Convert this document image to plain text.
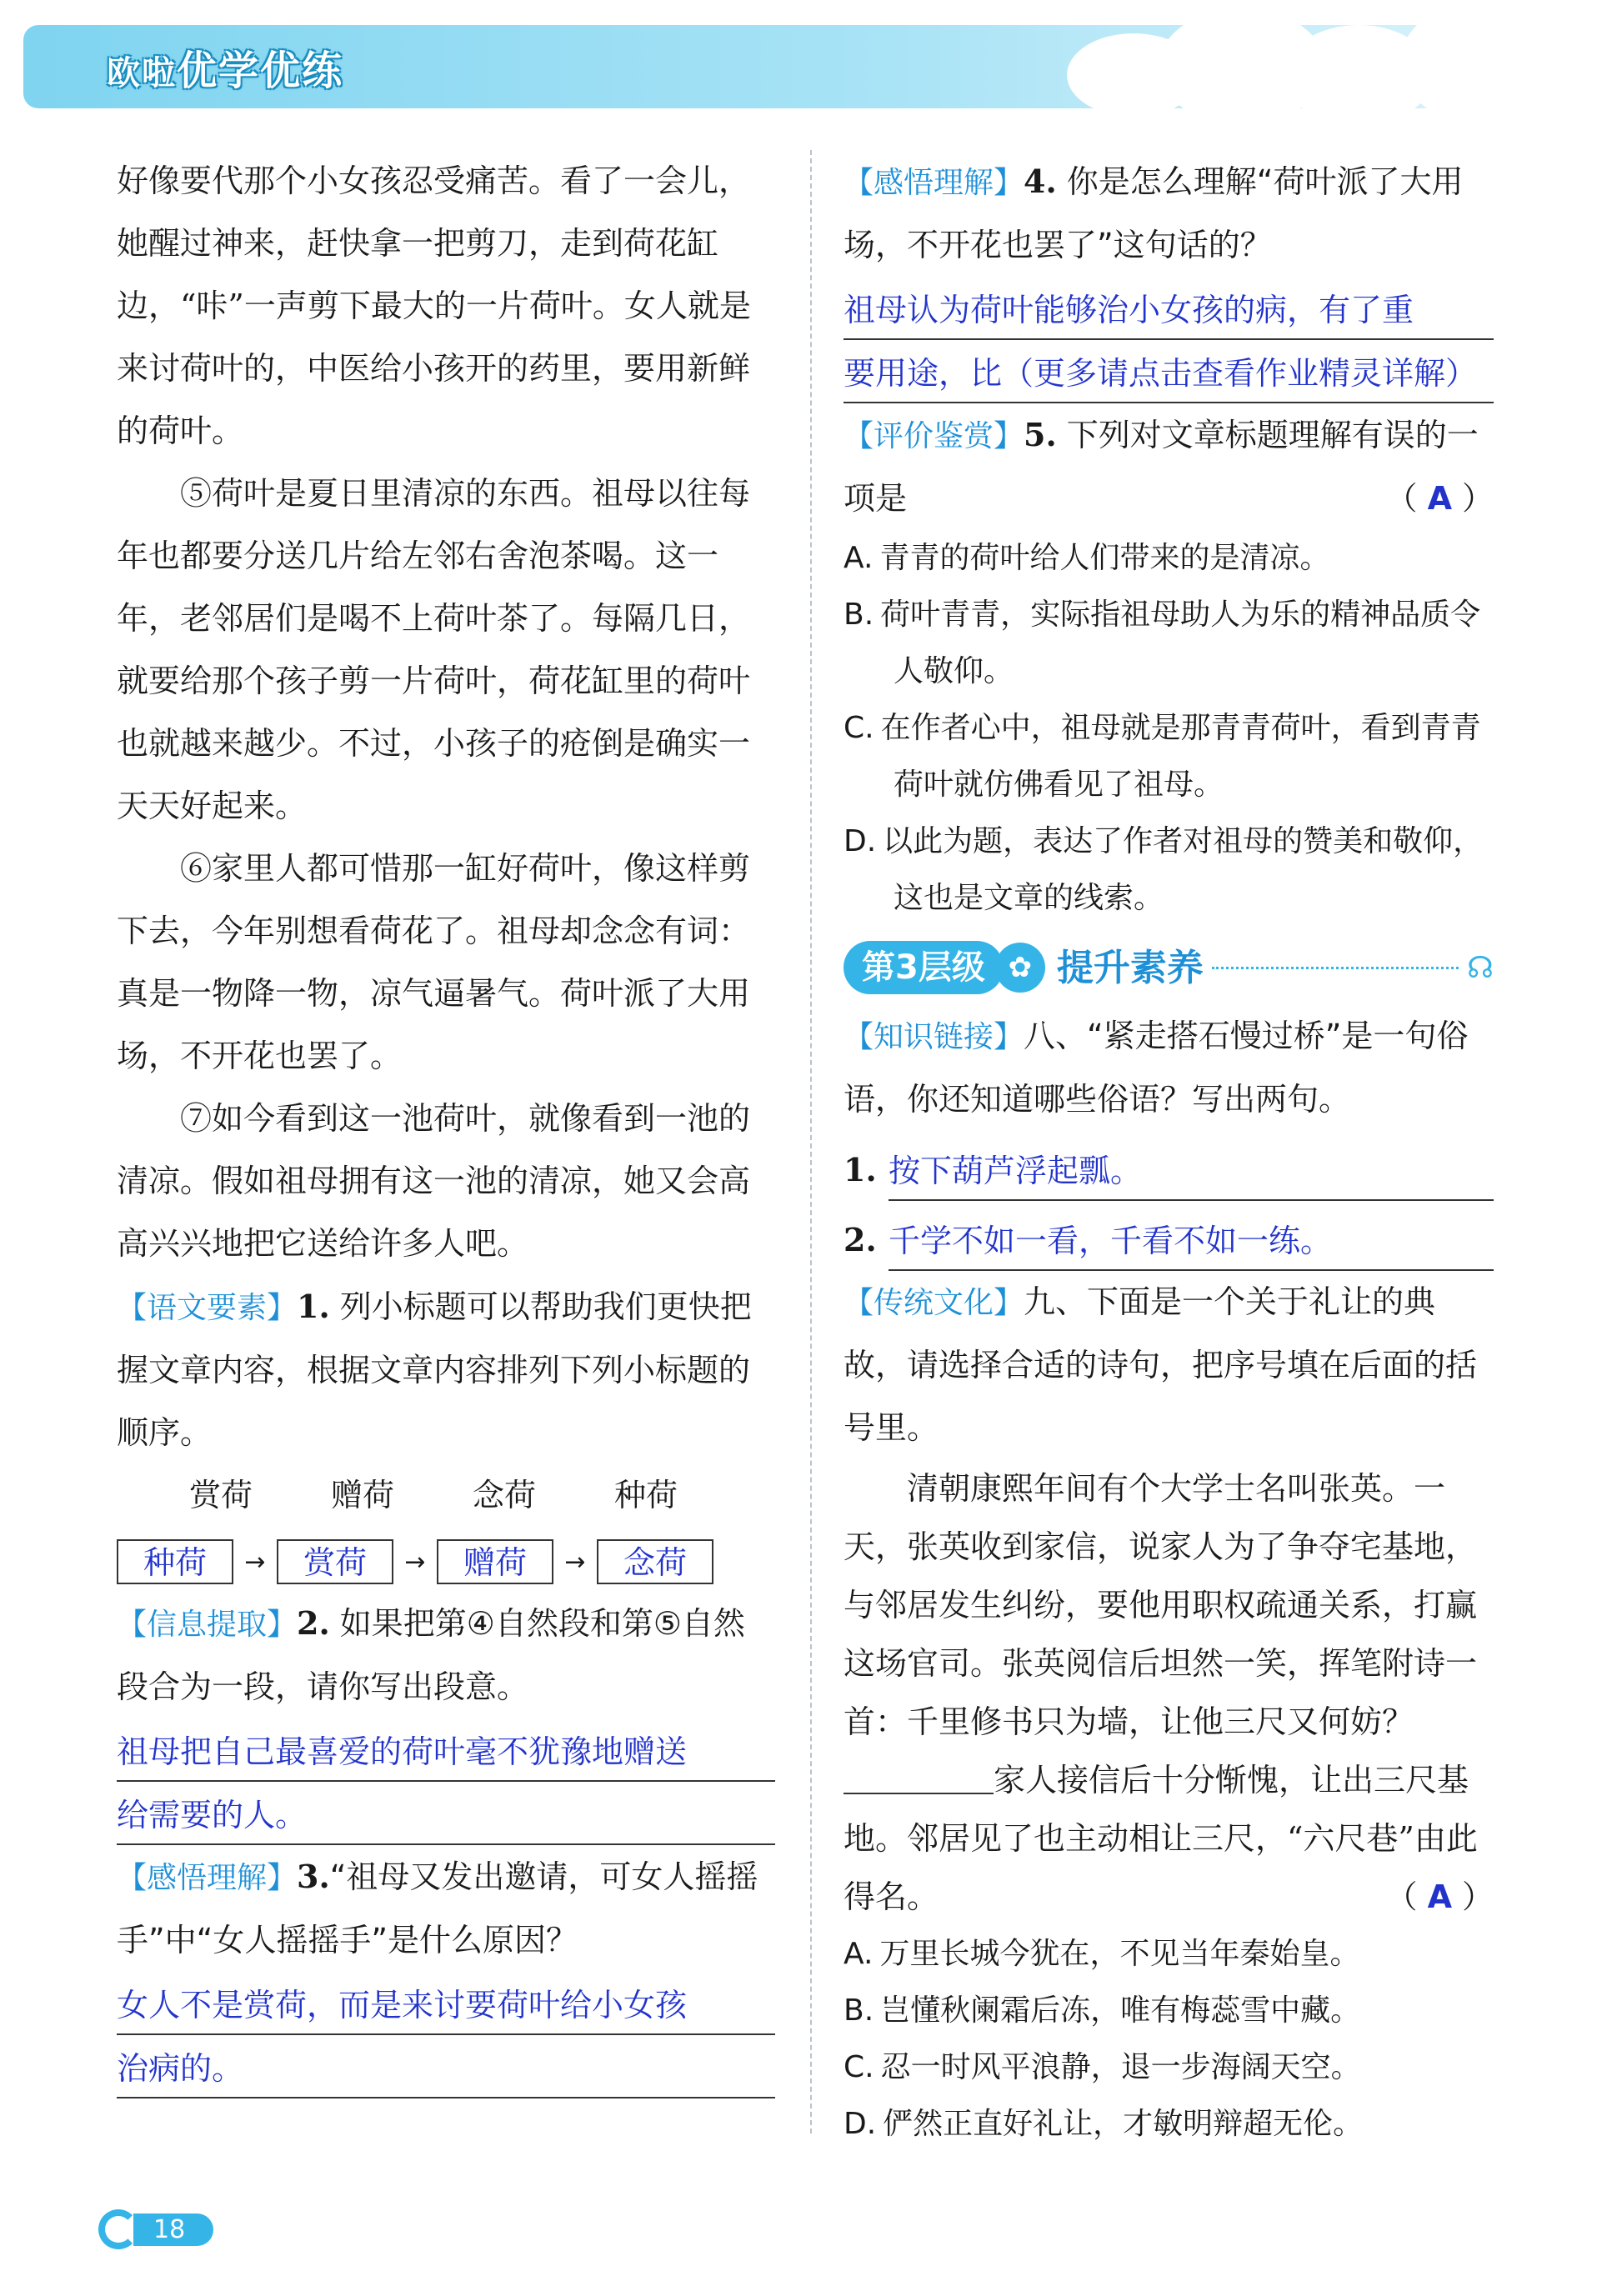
欧啦优学优练

好像要代那个小女孩忍受痛苦。看了一会儿，她醒过神来，赶快拿一把剪刀，走到荷花缸边，“咔”一声剪下最大的一片荷叶。女人就是来讨荷叶的，中医给小孩开的药里，要用新鲜的荷叶。

⑤荷叶是夏日里清凉的东西。祖母以往每年也都要分送几片给左邻右舍泡茶喝。这一年，老邻居们是喝不上荷叶茶了。每隔几日，就要给那个孩子剪一片荷叶，荷花缸里的荷叶也就越来越少。不过，小孩子的疮倒是确实一天天好起来。

⑥家里人都可惜那一缸好荷叶，像这样剪下去，今年别想看荷花了。祖母却念念有词：真是一物降一物，凉气逼暑气。荷叶派了大用场，不开花也罢了。

⑦如今看到这一池荷叶，就像看到一池的清凉。假如祖母拥有这一池的清凉，她又会高高兴兴地把它送给许多人吧。

【语文要素】1. 列小标题可以帮助我们更快把握文章内容，根据文章内容排列下列小标题的顺序。

赏荷 赠荷 念荷 种荷
种荷	→	赏荷	→	赠荷	→	念荷

【信息提取】2. 如果把第④自然段和第⑤自然段合为一段，请你写出段意。

祖母把自己最喜爱的荷叶毫不犹豫地赠送
给需要的人。

【感悟理解】3.“祖母又发出邀请，可女人摇摇手”中“女人摇摇手”是什么原因？

女人不是赏荷，而是来讨要荷叶给小女孩
治病的。

【感悟理解】4. 你是怎么理解“荷叶派了大用场，不开花也罢了”这句话的？

祖母认为荷叶能够治小女孩的病，有了重
要用途，比（更多请点击查看作业精灵详解）

【评价鉴赏】5. 下列对文章标题理解有误的一项是	（ A ）

A. 青青的荷叶给人们带来的是清凉。

B. 荷叶青青，实际指祖母助人为乐的精神品质令人敬仰。

C. 在作者心中，祖母就是那青青荷叶，看到青青荷叶就仿佛看见了祖母。

D. 以此为题，表达了作者对祖母的赞美和敬仰，这也是文章的线索。

第3层级 ✿ 提升素养	☊

【知识链接】八、“紧走搭石慢过桥”是一句俗语，你还知道哪些俗语？写出两句。

1. 按下葫芦浮起瓢。
2. 千学不如一看，千看不如一练。

【传统文化】九、下面是一个关于礼让的典故，请选择合适的诗句，把序号填在后面的括号里。

清朝康熙年间有个大学士名叫张英。一天，张英收到家信，说家人为了争夺宅基地，与邻居发生纠纷，要他用职权疏通关系，打赢这场官司。张英阅信后坦然一笑，挥笔附诗一首：千里修书只为墙，让他三尺又何妨？家人接信后十分惭愧，让出三尺基地。邻居见了也主动相让三尺，“六尺巷”由此得名。	（ A ）

A. 万里长城今犹在，不见当年秦始皇。

B. 岂懂秋阑霜后冻，唯有梅蕊雪中藏。

C. 忍一时风平浪静，退一步海阔天空。

D. 俨然正直好礼让，才敏明辩超无伦。

18
